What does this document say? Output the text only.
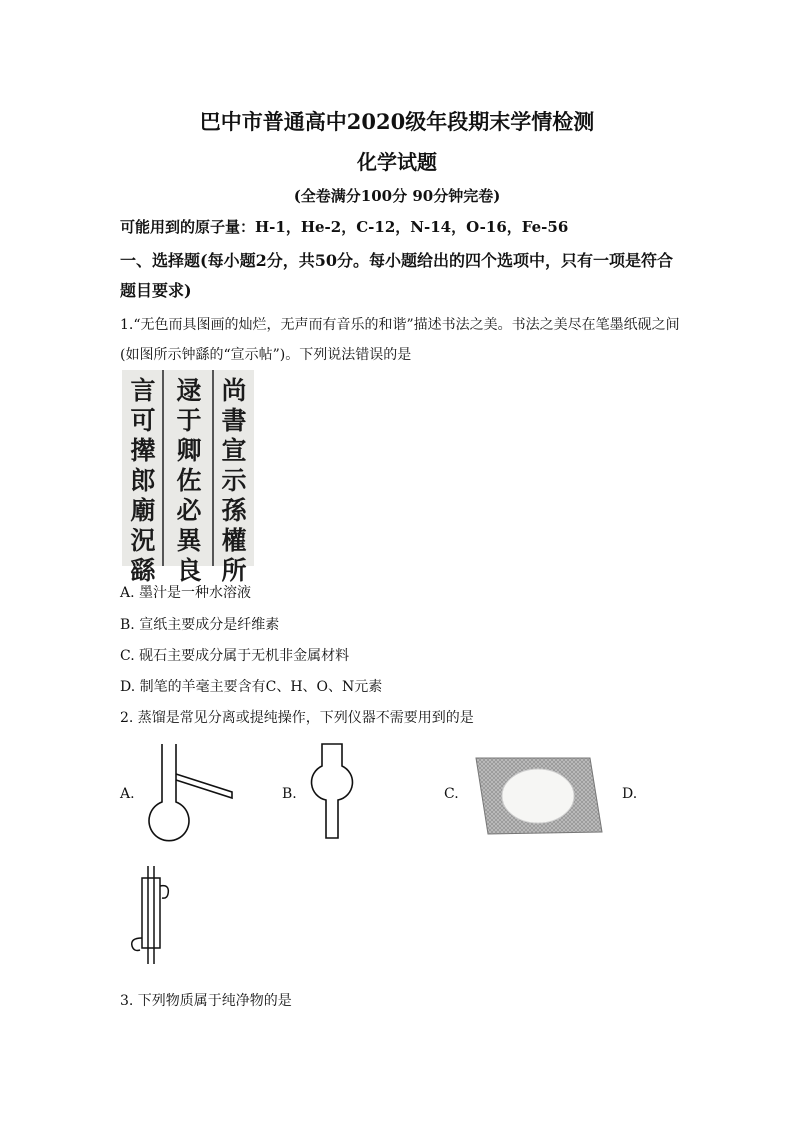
巴中市普通高中2020级年段期末学情检测
化学试题
(全卷满分100分 90分钟完卷)
可能用到的原子量：H-1，He-2，C-12，N-14，O-16，Fe-56
一、选择题(每小题2分，共50分。每小题给出的四个选项中，只有一项是符合
题目要求)
1.“无色而具图画的灿烂，无声而有音乐的和谐”描述书法之美。书法之美尽在笔墨纸砚之间
(如图所示钟繇的“宣示帖”)。下列说法错误的是
言
可
撵
郎
廟
況
繇
逯
于
卿
佐
必
異
良
尚
書
宣
示
孫
權
所
A. 墨汁是一种水溶液
B. 宣纸主要成分是纤维素
C. 砚石主要成分属于无机非金属材料
D. 制笔的羊毫主要含有C、H、O、N元素
2. 蒸馏是常见分离或提纯操作，下列仪器不需要用到的是
A.	B.	C.	D.
3. 下列物质属于纯净物的是
